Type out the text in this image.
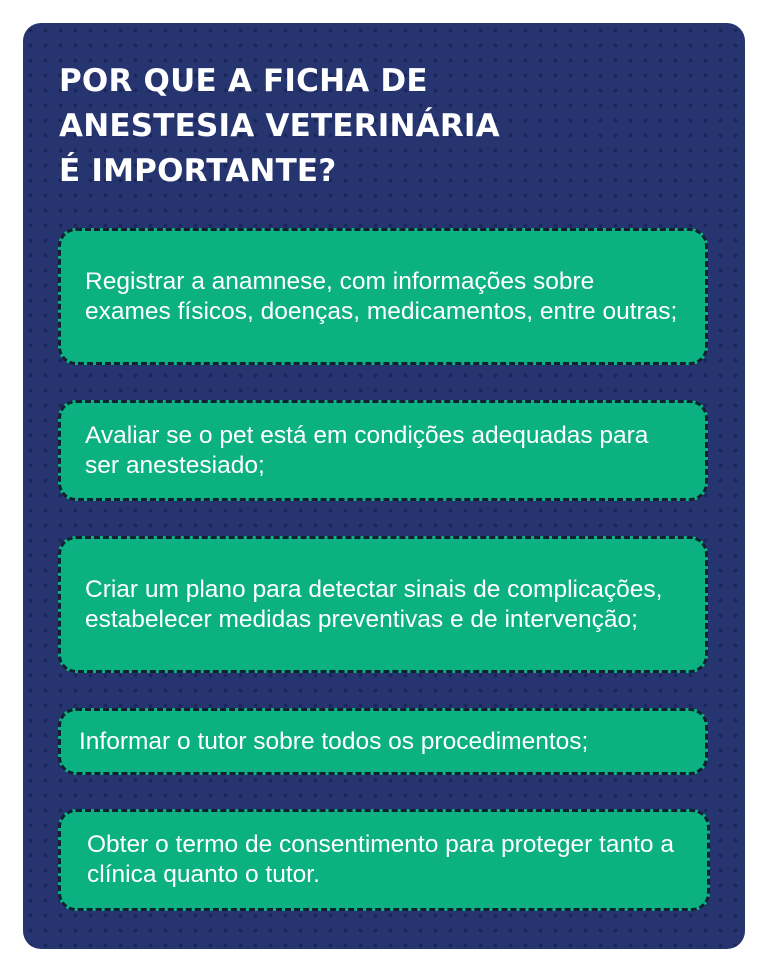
POR QUE A FICHA DE
ANESTESIA VETERINÁRIA
É IMPORTANTE?
Registrar a anamnese, com informações sobre exames físicos, doenças, medicamentos, entre outras;
Avaliar se o pet está em condições adequadas para ser anestesiado;
Criar um plano para detectar sinais de complicações, estabelecer medidas preventivas e de intervenção;
Informar o tutor sobre todos os procedimentos;
Obter o termo de consentimento para proteger tanto a clínica quanto o tutor.
